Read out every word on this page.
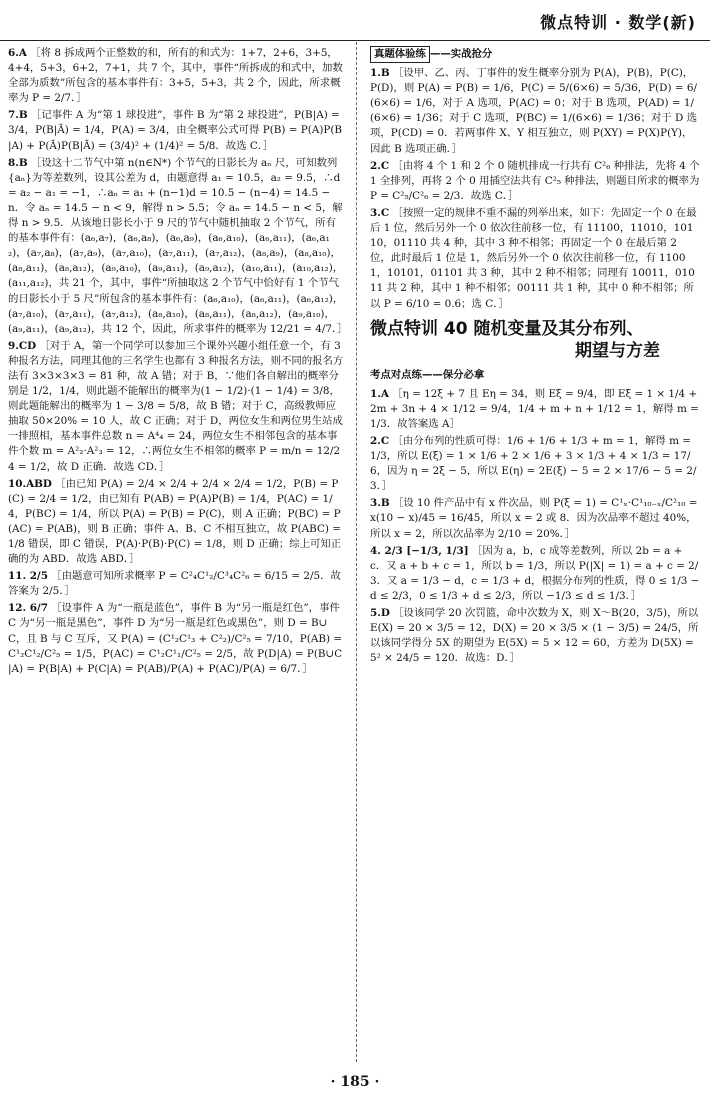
微点特训 · 数学(新)
6.A ［将 8 拆成两个正整数的和，所有的和式为：1+7，2+6，3+5，4+4，5+3，6+2，7+1，共 7 个，其中，事件“所拆成的和式中，加数全部为质数”所包含的基本事件有：3+5，5+3，共 2 个，因此，所求概率为 P = 2/7．］
7.B ［记事件 A 为“第 1 球投进”，事件 B 为“第 2 球投进”，P(B|A) = 3/4，P(B|Ā) = 1/4，P(A) = 3/4，由全概率公式可得 P(B) = P(A)P(B|A) + P(Ā)P(B|Ā) = (3/4)² + (1/4)² = 5/8．故选 C．］
8.B ［设这十二节气中第 n(n∈N*) 个节气的日影长为 aₙ 尺，可知数列{aₙ}为等差数列，设其公差为 d，由题意得 a₁ = 10.5，a₂ = 9.5，∴d = a₂ − a₁ = −1，∴aₙ = a₁ + (n−1)d = 10.5 − (n−4) = 14.5 − n．令 aₙ = 14.5 − n < 9，解得 n > 5.5；令 aₙ = 14.5 − n < 5，解得 n > 9.5．从该地日影长小于 9 尺的节气中随机抽取 2 个节气，所有的基本事件有：(a₆,a₇)，(a₆,a₈)，(a₆,a₉)，(a₆,a₁₀)，(a₆,a₁₁)，(a₆,a₁₂)，(a₇,a₈)，(a₇,a₉)，(a₇,a₁₀)，(a₇,a₁₁)，(a₇,a₁₂)，(a₈,a₉)，(a₈,a₁₀)，(a₈,a₁₁)，(a₈,a₁₂)，(a₉,a₁₀)，(a₉,a₁₁)，(a₉,a₁₂)，(a₁₀,a₁₁)，(a₁₀,a₁₂)，(a₁₁,a₁₂)，共 21 个，其中，事件“所抽取这 2 个节气中恰好有 1 个节气的日影长小于 5 尺”所包含的基本事件有：(a₆,a₁₀)，(a₆,a₁₁)，(a₆,a₁₂)，(a₇,a₁₀)，(a₇,a₁₁)，(a₇,a₁₂)，(a₈,a₁₀)，(a₈,a₁₁)，(a₈,a₁₂)，(a₉,a₁₀)，(a₉,a₁₁)，(a₉,a₁₂)，共 12 个，因此，所求事件的概率为 12/21 = 4/7．］
9.CD ［对于 A，第一个同学可以参加三个课外兴趣小组任意一个，有 3 种报名方法，同理其他的三名学生也都有 3 种报名方法，则不同的报名方法有 3×3×3×3 = 81 种，故 A 错；对于 B，∵他们各自解出的概率分别是 1/2，1/4，则此题不能解出的概率为(1 − 1/2)·(1 − 1/4) = 3/8，则此题能解出的概率为 1 − 3/8 = 5/8，故 B 错；对于 C，高级教师应抽取 50×20% = 10 人，故 C 正确；对于 D，两位女生和两位男生站成一排照相，基本事件总数 n = A⁴₄ = 24，两位女生不相邻包含的基本事件个数 m = A²₂·A²₃ = 12，∴两位女生不相邻的概率 P = m/n = 12/24 = 1/2，故 D 正确．故选 CD．］
10.ABD ［由已知 P(A) = 2/4 × 2/4 + 2/4 × 2/4 = 1/2，P(B) = P(C) = 2/4 = 1/2，由已知有 P(AB) = P(A)P(B) = 1/4，P(AC) = 1/4，P(BC) = 1/4，所以 P(A) = P(B) = P(C)，则 A 正确；P(BC) = P(AC) = P(AB)，则 B 正确；事件 A、B、C 不相互独立，故 P(ABC) = 1/8 错误，即 C 错误，P(A)·P(B)·P(C) = 1/8，则 D 正确；综上可知正确的为 ABD．故选 ABD．］
11. 2/5 ［由题意可知所求概率 P = C²₄C¹₂/C³₄C²₆ = 6/15 = 2/5．故答案为 2/5．］
12. 6/7 ［设事件 A 为“一瓶是蓝色”，事件 B 为“另一瓶是红色”，事件 C 为“另一瓶是黑色”，事件 D 为“另一瓶是红色或黑色”，则 D = B∪C，且 B 与 C 互斥，又 P(A) = (C¹₂C¹₃ + C²₂)/C²₅ = 7/10，P(AB) = C¹₂C¹₂/C²₅ = 1/5，P(AC) = C¹₂C¹₁/C²₅ = 2/5，故 P(D|A) = P(B∪C|A) = P(B|A) + P(C|A) = P(AB)/P(A) + P(AC)/P(A) = 6/7．］
真题体验练 ——实战抢分
1.B ［设甲、乙、丙、丁事件的发生概率分别为 P(A)，P(B)，P(C)，P(D)，则 P(A) = P(B) = 1/6，P(C) = 5/(6×6) = 5/36，P(D) = 6/(6×6) = 1/6，对于 A 选项，P(AC) = 0；对于 B 选项，P(AD) = 1/(6×6) = 1/36；对于 C 选项，P(BC) = 1/(6×6) = 1/36；对于 D 选项，P(CD) = 0．若两事件 X、Y 相互独立，则 P(XY) = P(X)P(Y)，因此 B 选项正确．］
2.C ［由将 4 个 1 和 2 个 0 随机排成一行共有 C²₆ 种排法，先将 4 个 1 全排列，再将 2 个 0 用插空法共有 C²₅ 种排法，则题目所求的概率为 P = C²₅/C²₆ = 2/3．故选 C．］
3.C ［按照一定的规律不重不漏的列举出来，如下：先固定一个 0 在最后 1 位，然后另外一个 0 依次往前移一位，有 11100，11010，10110，01110 共 4 种，其中 3 种不相邻；再固定一个 0 在最后第 2 位，此时最后 1 位是 1，然后另外一个 0 依次往前移一位，有 11001，10101，01101 共 3 种，其中 2 种不相邻；同理有 10011，01011 共 2 种，其中 1 种不相邻；00111 共 1 种，其中 0 种不相邻；所以 P = 6/10 = 0.6；选 C．］
微点特训 40 随机变量及其分布列、
期望与方差
考点对点练——保分必拿
1.A ［η = 12ξ + 7 且 Eη = 34，则 Eξ = 9/4，即 Eξ = 1 × 1/4 + 2m + 3n + 4 × 1/12 = 9/4，1/4 + m + n + 1/12 = 1，解得 m = 1/3．故答案选 A］
2.C ［由分布列的性质可得：1/6 + 1/6 + 1/3 + m = 1，解得 m = 1/3，所以 E(ξ) = 1 × 1/6 + 2 × 1/6 + 3 × 1/3 + 4 × 1/3 = 17/6，因为 η = 2ξ − 5，所以 E(η) = 2E(ξ) − 5 = 2 × 17/6 − 5 = 2/3．］
3.B ［设 10 件产品中有 x 件次品，则 P(ξ = 1) = C¹ₓ·C¹₁₀₋ₓ/C²₁₀ = x(10 − x)/45 = 16/45，所以 x = 2 或 8．因为次品率不超过 40%，所以 x = 2，所以次品率为 2/10 = 20%．］
4. 2/3 [−1/3, 1/3] ［因为 a，b，c 成等差数列，所以 2b = a + c．又 a + b + c = 1，所以 b = 1/3，所以 P(|X| = 1) = a + c = 2/3．又 a = 1/3 − d，c = 1/3 + d，根据分布列的性质，得 0 ≤ 1/3 − d ≤ 2/3，0 ≤ 1/3 + d ≤ 2/3，所以 −1/3 ≤ d ≤ 1/3．］
5.D ［设该同学 20 次罚篮，命中次数为 X，则 X～B(20，3/5)，所以 E(X) = 20 × 3/5 = 12，D(X) = 20 × 3/5 × (1 − 3/5) = 24/5，所以该同学得分 5X 的期望为 E(5X) = 5 × 12 = 60，方差为 D(5X) = 5² × 24/5 = 120．故选：D．］
· 185 ·
